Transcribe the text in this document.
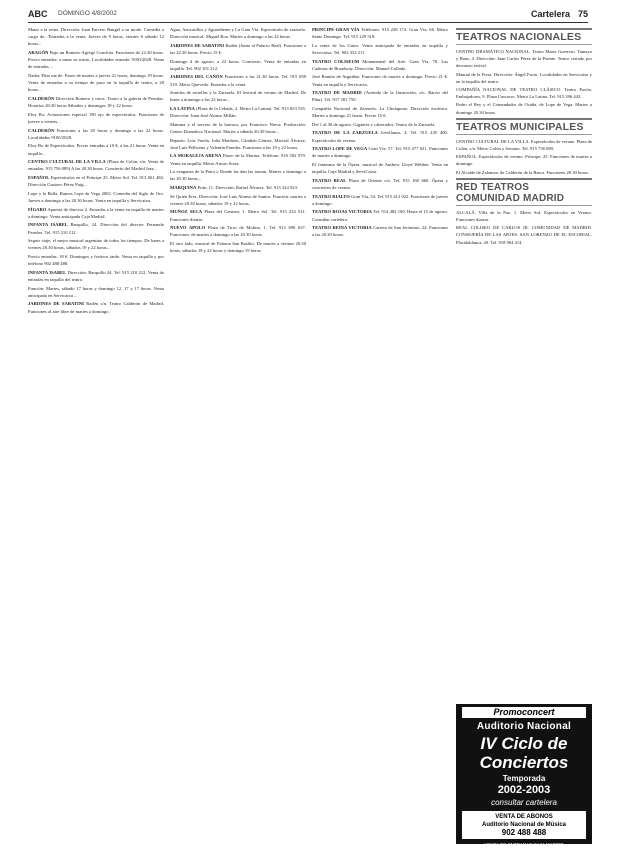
ABC DOMINGO 4/8/2002	Cartelera 75

Matar a la reina. Dirección: Juan Parcero Rangel a su modo. Comedia a cargo de...'Entradas a la venta. Jueves de 9 horas, viernes 6 sábado 12 horas...

ARAGÓN Bajo un Romero Agrégo Conchita. Funciones de 22.30 horas. Precio entradas: a sanar su rostro. Localidades entrada: 9100/2028. Venta de entradas ...

Nadar, Pilar me de. Paseo de martes a jueves 21 horas, domingo 19 horas. Venta de entradas a su tiempo de paso en la taquilla de teatro, a 20 horas...

CALDERÓN Dirección Romero y otros. Teatro a la galería de Prendas. Horarios 20.30 horas Sábados y domingos 18 y 22 horas.

Eloy Ro, Actuaciones especial 190 ojo de espectáculos. Funciones de jueves a viernes...

CALDERÓN Funciones a las 20 horas y domingo a las 22 horas. Localidades 9100/2028.

Eloy Ro de Espectáculos, Precio entradas a 10 €, a las 21 horas. Venta en taquilla...

CENTRO CULTURAL DE LA VILLA (Plaza de Colón, s/n. Venta de entradas. 915 756 089) A las 20.30 horas. Concierto del Madrid Jazz...

ESPAÑOL Espectáculos en el Príncipe 25. Metro Sol. Tel. 913 601 484. Dirección Gustavo Pérez Puig...

Lope y la Bella. Ramos Lope de Vega 2002. Comedia del Siglo de Oro. Jueves a domingo a las 20.30 horas. Venta en taquilla y Servicaixa.

FÍGARO Apuesta de director 2. Entradas a la venta en taquilla de martes a domingo. Venta anticipada Caja Madrid.

INFANTA ISABEL Barquillo, 24. Dirección del director Fernando Paredes. Tel. 915 210 212.

Seguir viaje, el mejor musical argentino de todos los tiempos. De lunes a viernes 20.30 horas, sábados 19 y 22 horas...

Precio entradas: 18 €. Domingos y festivos tarde. Venta en taquilla y por teléfono 902 488 488.

INFANTA ISABEL Dirección: Barquillo 24. Tel. 915 210 212. Venta de entradas en taquilla del teatro.

Función: Martes, sábado 17 horas y domingo 12, 17 y 17 horas. Venta anticipada en Servicaixa...

JARDINES DE SABATINI Bailén s/n. Teatro Calderón de Madrid. Funciones al aire libre de martes a domingo.

Agua, Azucarillos y Aguardiente y La Gran Vía. Espectáculo de zarzuela. Dirección musical: Miguel Roa. Martes a domingo a las 22 horas.

JARDINES DE SABATINI Bailén (Junto al Palacio Real). Funciones a las 22.30 horas. Precio 15 €.

Domingo 4 de agosto, a 22 horas. Concierto. Venta de entradas en taquilla. Tel. 902 101 212.

JARDINES DEL CAÑÓN Funciones a las 21.30 horas. Tel. 915 858 310. Metro Quevedo. Entradas a la venta.

Sonidos de estrellas y la Zarzuela. El festival de verano de Madrid. De lunes a domingo a las 22 horas...

LA LATINA (Plaza de la Cebada, 2. Metro La Latina). Tel. 913 653 535. Dirección: Juan José Alonso Millán.

Mamma y el secreto de la barraca, por Francisco Nieva. Producción: Centro Dramático Nacional. Martes a sábado 20.30 horas...

Reparto: Luis Varela, Julia Martínez, Cándido Gómez, Marcial Álvarez, José Luis Pellicena y Valentín Paredes. Funciones a las 19 y 22 horas.

LA MORALEJA ARENA Paseo de la Marina. Teléfono: 916 582 979. Venta en taquilla. Metro Arturo Soria.

La venganza de la Petra o Donde las dan las toman. Martes a domingo a las 20.30 horas...

MARQUINA Prim, 11. Dirección: Rafael Álvarez. Tel. 915 324 923.

Sé Quién Eres. Dirección: José Luis Alonso de Santos. Función: martes a viernes 20.30 horas, sábados 19 y 22 horas.

MUÑOZ SECA Plaza del Carmen, 1. Metro Sol. Tel. 915 232 011. Funciones diarias.

NUEVO APOLO Plaza de Tirso de Molina, 1. Tel. 913 690 637. Funciones: de martes a domingo a las 20.30 horas.

El otro lado, musical de Paloma San Basilio. De martes a viernes 20.30 horas, sábados 18 y 22 horas y domingo 19 horas.

PRINCIPE-GRAN VÍA Teléfonos: 915 228 172. Gran Vía, 66. Metro Santo Domingo. Tel. 915 229 518.

La venta de los Gatos. Venta anticipada de entradas en taquilla y Servicaixa. Tel. 902 332 211.

TEATRO COLISEUM Monumental del Arte. Gran Vía, 78. Las Cadenas de Broadway. Dirección: Manuel Collado.

José Ramón de Arguiñaz. Funciones de martes a domingo. Precio 21 €. Venta en taquilla y Servicaixa.

TEATRO DE MADRID (Avenida de la Ilustración, s/n. Barrio del Pilar). Tel. 917 301 750.

Compañía Nacional de Zarzuela. La Chulapona. Dirección escénica. Martes a domingo 21 horas. Precio 15 €.

Del 1 al 30 de agosto. Gigantes y cabezudos. Teatro de la Zarzuela.

TEATRO DE LA ZARZUELA Jovellanos, 4. Tel. 915 245 400. Espectáculos de verano.

TEATRO LOPE DE VEGA Gran Vía, 57. Tel. 915 477 021. Funciones de martes a domingo.

El fantasma de la Ópera, musical de Andrew Lloyd Webber. Venta en taquilla, Caja Madrid y ServiCaixa.

TEATRO REAL Plaza de Oriente s/n. Tel. 915 160 660. Ópera y conciertos de verano.

TEATRO RIALTO Gran Vía, 54. Tel. 915 412 022. Funciones de jueves a domingo.

TEATRO ROJAS VICTORIA Tel. 914 482 100. Hasta el 15 de agosto. Consultar cartelera.

TEATRO REINA VICTORIA Carrera de San Jerónimo, 24. Funciones a las 20.30 horas.

TEATROS NACIONALES

CENTRO DRAMÁTICO NACIONAL. Teatro María Guerrero. Tamayo y Baus, 4. Dirección: Juan Carlos Pérez de la Fuente. Teatro cerrado por descanso estival.

Manual de la Fiera. Dirección: Ángel Facio. Localidades en Servicaixa y en la taquilla del teatro.

COMPAÑÍA NACIONAL DE TEATRO CLÁSICO. Teatro Pavón. Embajadores, 9. Plaza Cascorro. Metro La Latina. Tel. 915 396 443.

Pedro el Rey y el Comendador de Ocaña, de Lope de Vega. Martes a domingo 20.30 horas.

TEATROS MUNICIPALES

CENTRO CULTURAL DE LA VILLA. Espectáculos de verano. Plaza de Colón, s/n. Metro Colón y Serrano. Tel. 915 756 089.

ESPAÑOL. Espectáculos de verano. Príncipe, 25. Funciones de martes a domingo.

El Alcalde de Zalamea, de Calderón de la Barca. Funciones 20.30 horas.

RED TEATROS COMUNIDAD MADRID

ALCALÁ. Villa de la Paz, 1. Metro Sol. Espectáculos en Verano. Funciones diarias.

REAL COLISEO DE CARLOS III. COMUNIDAD DE MADRID. CONSEJERÍA DE LAS ARTES. SAN LORENZO DE EL ESCORIAL. Floridablanca, 20. Tel. 918 904 414.

Promoconcert
Auditorio Nacional
IV Ciclo de Conciertos
Temporada
2002-2003
consultar cartelera
VENTA DE ABONOS
Auditorio Nacional de Música
902 488 488
VENTA DE ENTRADAS CAJA MADRID
